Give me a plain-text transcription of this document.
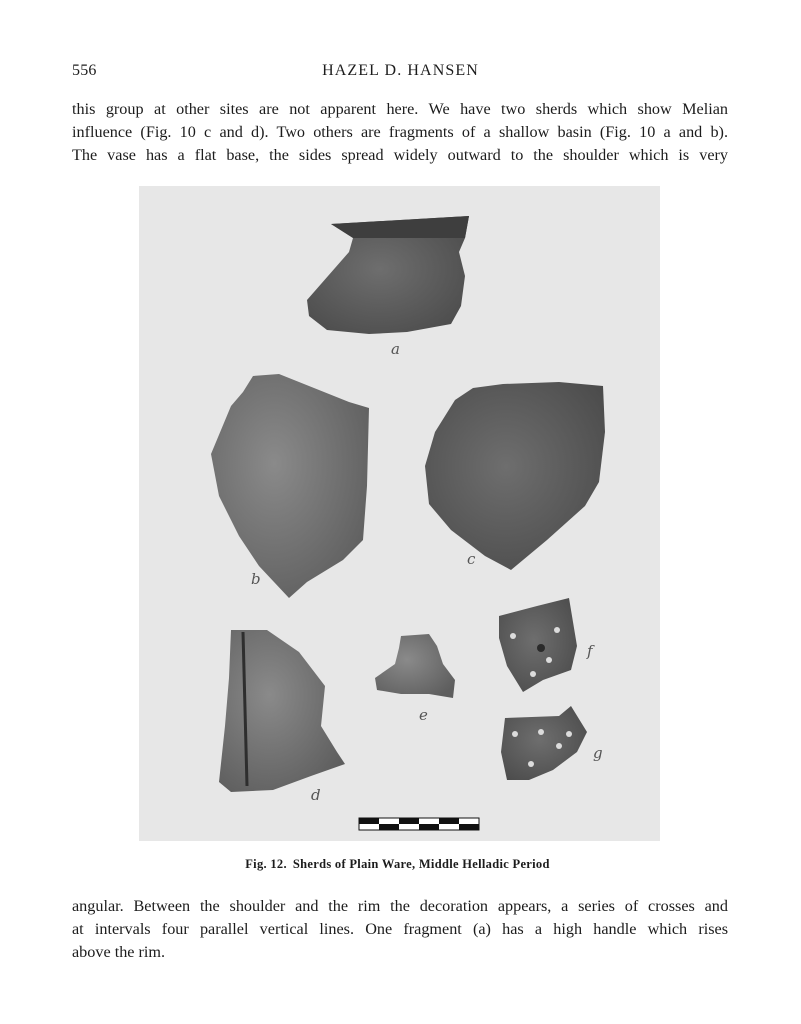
556	HAZEL D. HANSEN

this group at other sites are not apparent here. We have two sherds which show Melian
influence (Fig. 10 c and d). Two others are fragments of a shallow basin (Fig. 10 a and b).
The vase has a flat base, the sides spread widely outward to the shoulder which is very

a
b
c
d
e
f
g
Fig. 12. Sherds of Plain Ware, Middle Helladic Period

angular. Between the shoulder and the rim the decoration appears, a series of crosses and
at intervals four parallel vertical lines. One fragment (a) has a high handle which rises
above the rim.
